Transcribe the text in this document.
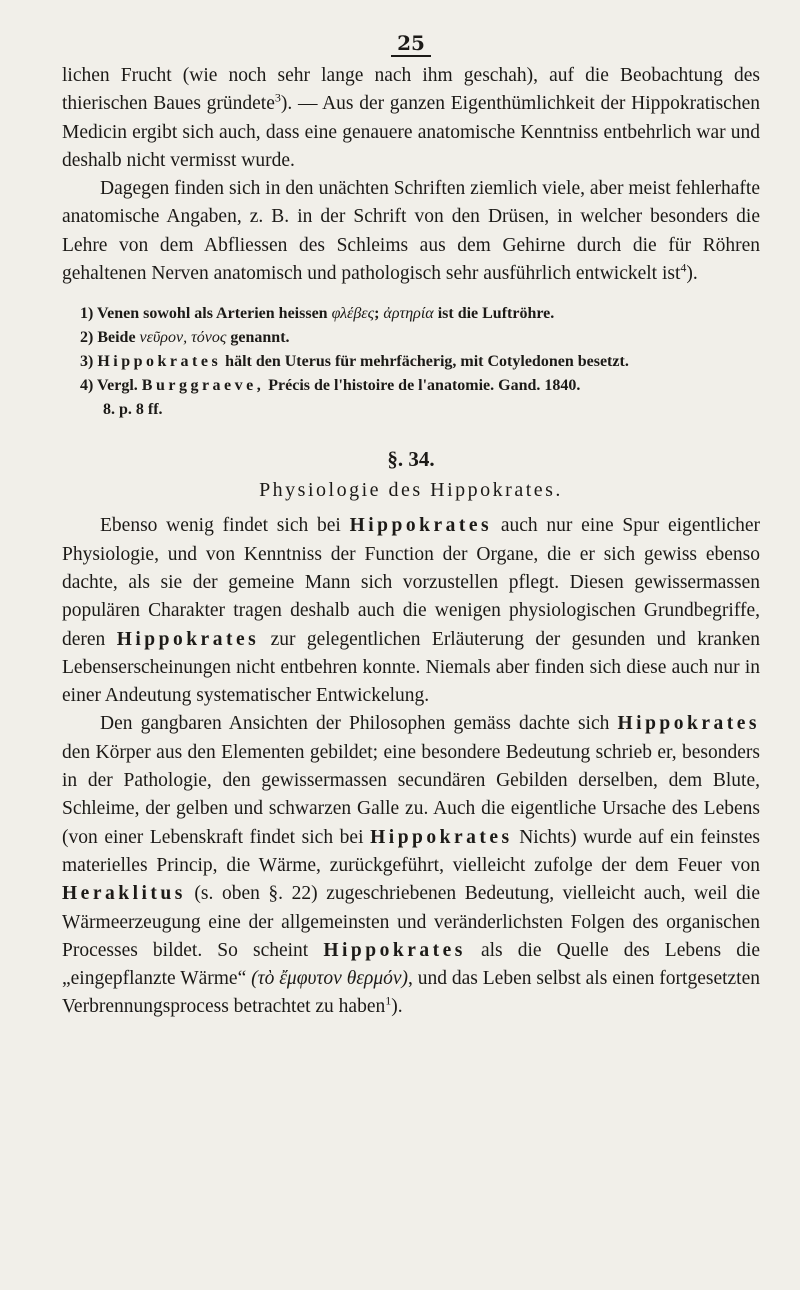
25

lichen Frucht (wie noch sehr lange nach ihm geschah), auf die Beobachtung des thierischen Baues gründete$^3$). — Aus der ganzen Eigenthümlichkeit der Hippokratischen Medicin ergibt sich auch, dass eine genauere anatomische Kenntniss entbehrlich war und deshalb nicht vermisst wurde.

Dagegen finden sich in den unächten Schriften ziemlich viele, aber meist fehlerhafte anatomische Angaben, z. B. in der Schrift von den Drüsen, in welcher besonders die Lehre von dem Abfliessen des Schleims aus dem Gehirne durch die für Röhren gehaltenen Nerven anatomisch und pathologisch sehr ausführlich entwickelt ist$^4$).

1) Venen sowohl als Arterien heissen φλέβες; ἀρτηρία ist die Luftröhre.

2) Beide νεῦρον, τόνος genannt.

3) Hippokrates hält den Uterus für mehrfächerig, mit Cotyledonen besetzt.

4) Vergl. Burggraeve, Précis de l'histoire de l'anatomie. Gand. 1840.
8. p. 8 ff.

§. 34.
Physiologie des Hippokrates.

Ebenso wenig findet sich bei Hippokrates auch nur eine Spur eigentlicher Physiologie, und von Kenntniss der Function der Organe, die er sich gewiss ebenso dachte, als sie der gemeine Mann sich vorzustellen pflegt. Diesen gewissermassen populären Charakter tragen deshalb auch die wenigen physiologischen Grundbegriffe, deren Hippokrates zur gelegentlichen Erläuterung der gesunden und kranken Lebenserscheinungen nicht entbehren konnte. Niemals aber finden sich diese auch nur in einer Andeutung systematischer Entwickelung.

Den gangbaren Ansichten der Philosophen gemäss dachte sich Hippokrates den Körper aus den Elementen gebildet; eine besondere Bedeutung schrieb er, besonders in der Pathologie, den gewissermassen secundären Gebilden derselben, dem Blute, Schleime, der gelben und schwarzen Galle zu. Auch die eigentliche Ursache des Lebens (von einer Lebenskraft findet sich bei Hippokrates Nichts) wurde auf ein feinstes materielles Princip, die Wärme, zurückgeführt, vielleicht zufolge der dem Feuer von Heraklitus (s. oben §. 22) zugeschriebenen Bedeutung, vielleicht auch, weil die Wärmeerzeugung eine der allgemeinsten und veränderlichsten Folgen des organischen Processes bildet. So scheint Hippokrates als die Quelle des Lebens die „eingepflanzte Wärme“ (τὸ ἔμφυτον θερμόν), und das Leben selbst als einen fortgesetzten Verbrennungsprocess betrachtet zu haben$^1$).
